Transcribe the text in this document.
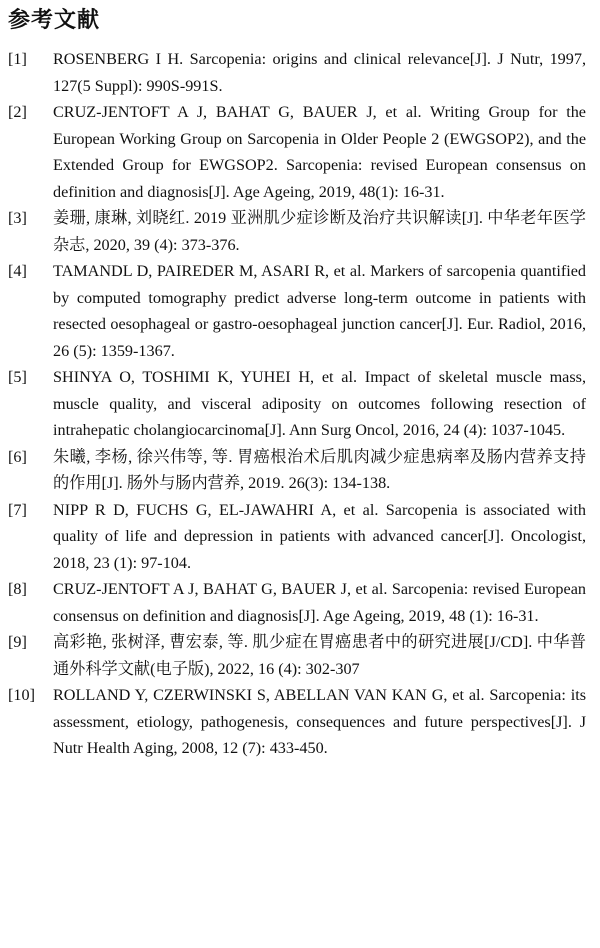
参考文献
[1]	ROSENBERG I H. Sarcopenia: origins and clinical relevance[J]. J Nutr, 1997, 127(5 Suppl): 990S-991S.
[2]	CRUZ-JENTOFT A J, BAHAT G, BAUER J, et al. Writing Group for the European Working Group on Sarcopenia in Older People 2 (EWGSOP2), and the Extended Group for EWGSOP2. Sarcopenia: revised European consensus on definition and diagnosis[J]. Age Ageing, 2019, 48(1): 16-31.
[3]	姜珊, 康琳, 刘晓红. 2019 亚洲肌少症诊断及治疗共识解读[J]. 中华老年医学杂志, 2020, 39 (4): 373-376.
[4]	TAMANDL D, PAIREDER M, ASARI R, et al. Markers of sarcopenia quantified by computed tomography predict adverse long-term outcome in patients with resected oesophageal or gastro-oesophageal junction cancer[J]. Eur. Radiol, 2016, 26 (5): 1359-1367.
[5]	SHINYA O, TOSHIMI K, YUHEI H, et al. Impact of skeletal muscle mass, muscle quality, and visceral adiposity on outcomes following resection of intrahepatic cholangiocarcinoma[J]. Ann Surg Oncol, 2016, 24 (4): 1037-1045.
[6]	朱曦, 李杨, 徐兴伟等, 等. 胃癌根治术后肌肉减少症患病率及肠内营养支持的作用[J]. 肠外与肠内营养, 2019. 26(3): 134-138.
[7]	NIPP R D, FUCHS G, EL-JAWAHRI A, et al. Sarcopenia is associated with quality of life and depression in patients with advanced cancer[J]. Oncologist, 2018, 23 (1): 97-104.
[8]	CRUZ-JENTOFT A J, BAHAT G, BAUER J, et al. Sarcopenia: revised European consensus on definition and diagnosis[J]. Age Ageing, 2019, 48 (1): 16-31.
[9]	高彩艳, 张树泽, 曹宏泰, 等. 肌少症在胃癌患者中的研究进展[J/CD]. 中华普通外科学文献(电子版), 2022, 16 (4): 302-307
[10]	ROLLAND Y, CZERWINSKI S, ABELLAN VAN KAN G, et al. Sarcopenia: its assessment, etiology, pathogenesis, consequences and future perspectives[J]. J Nutr Health Aging, 2008, 12 (7): 433-450.
